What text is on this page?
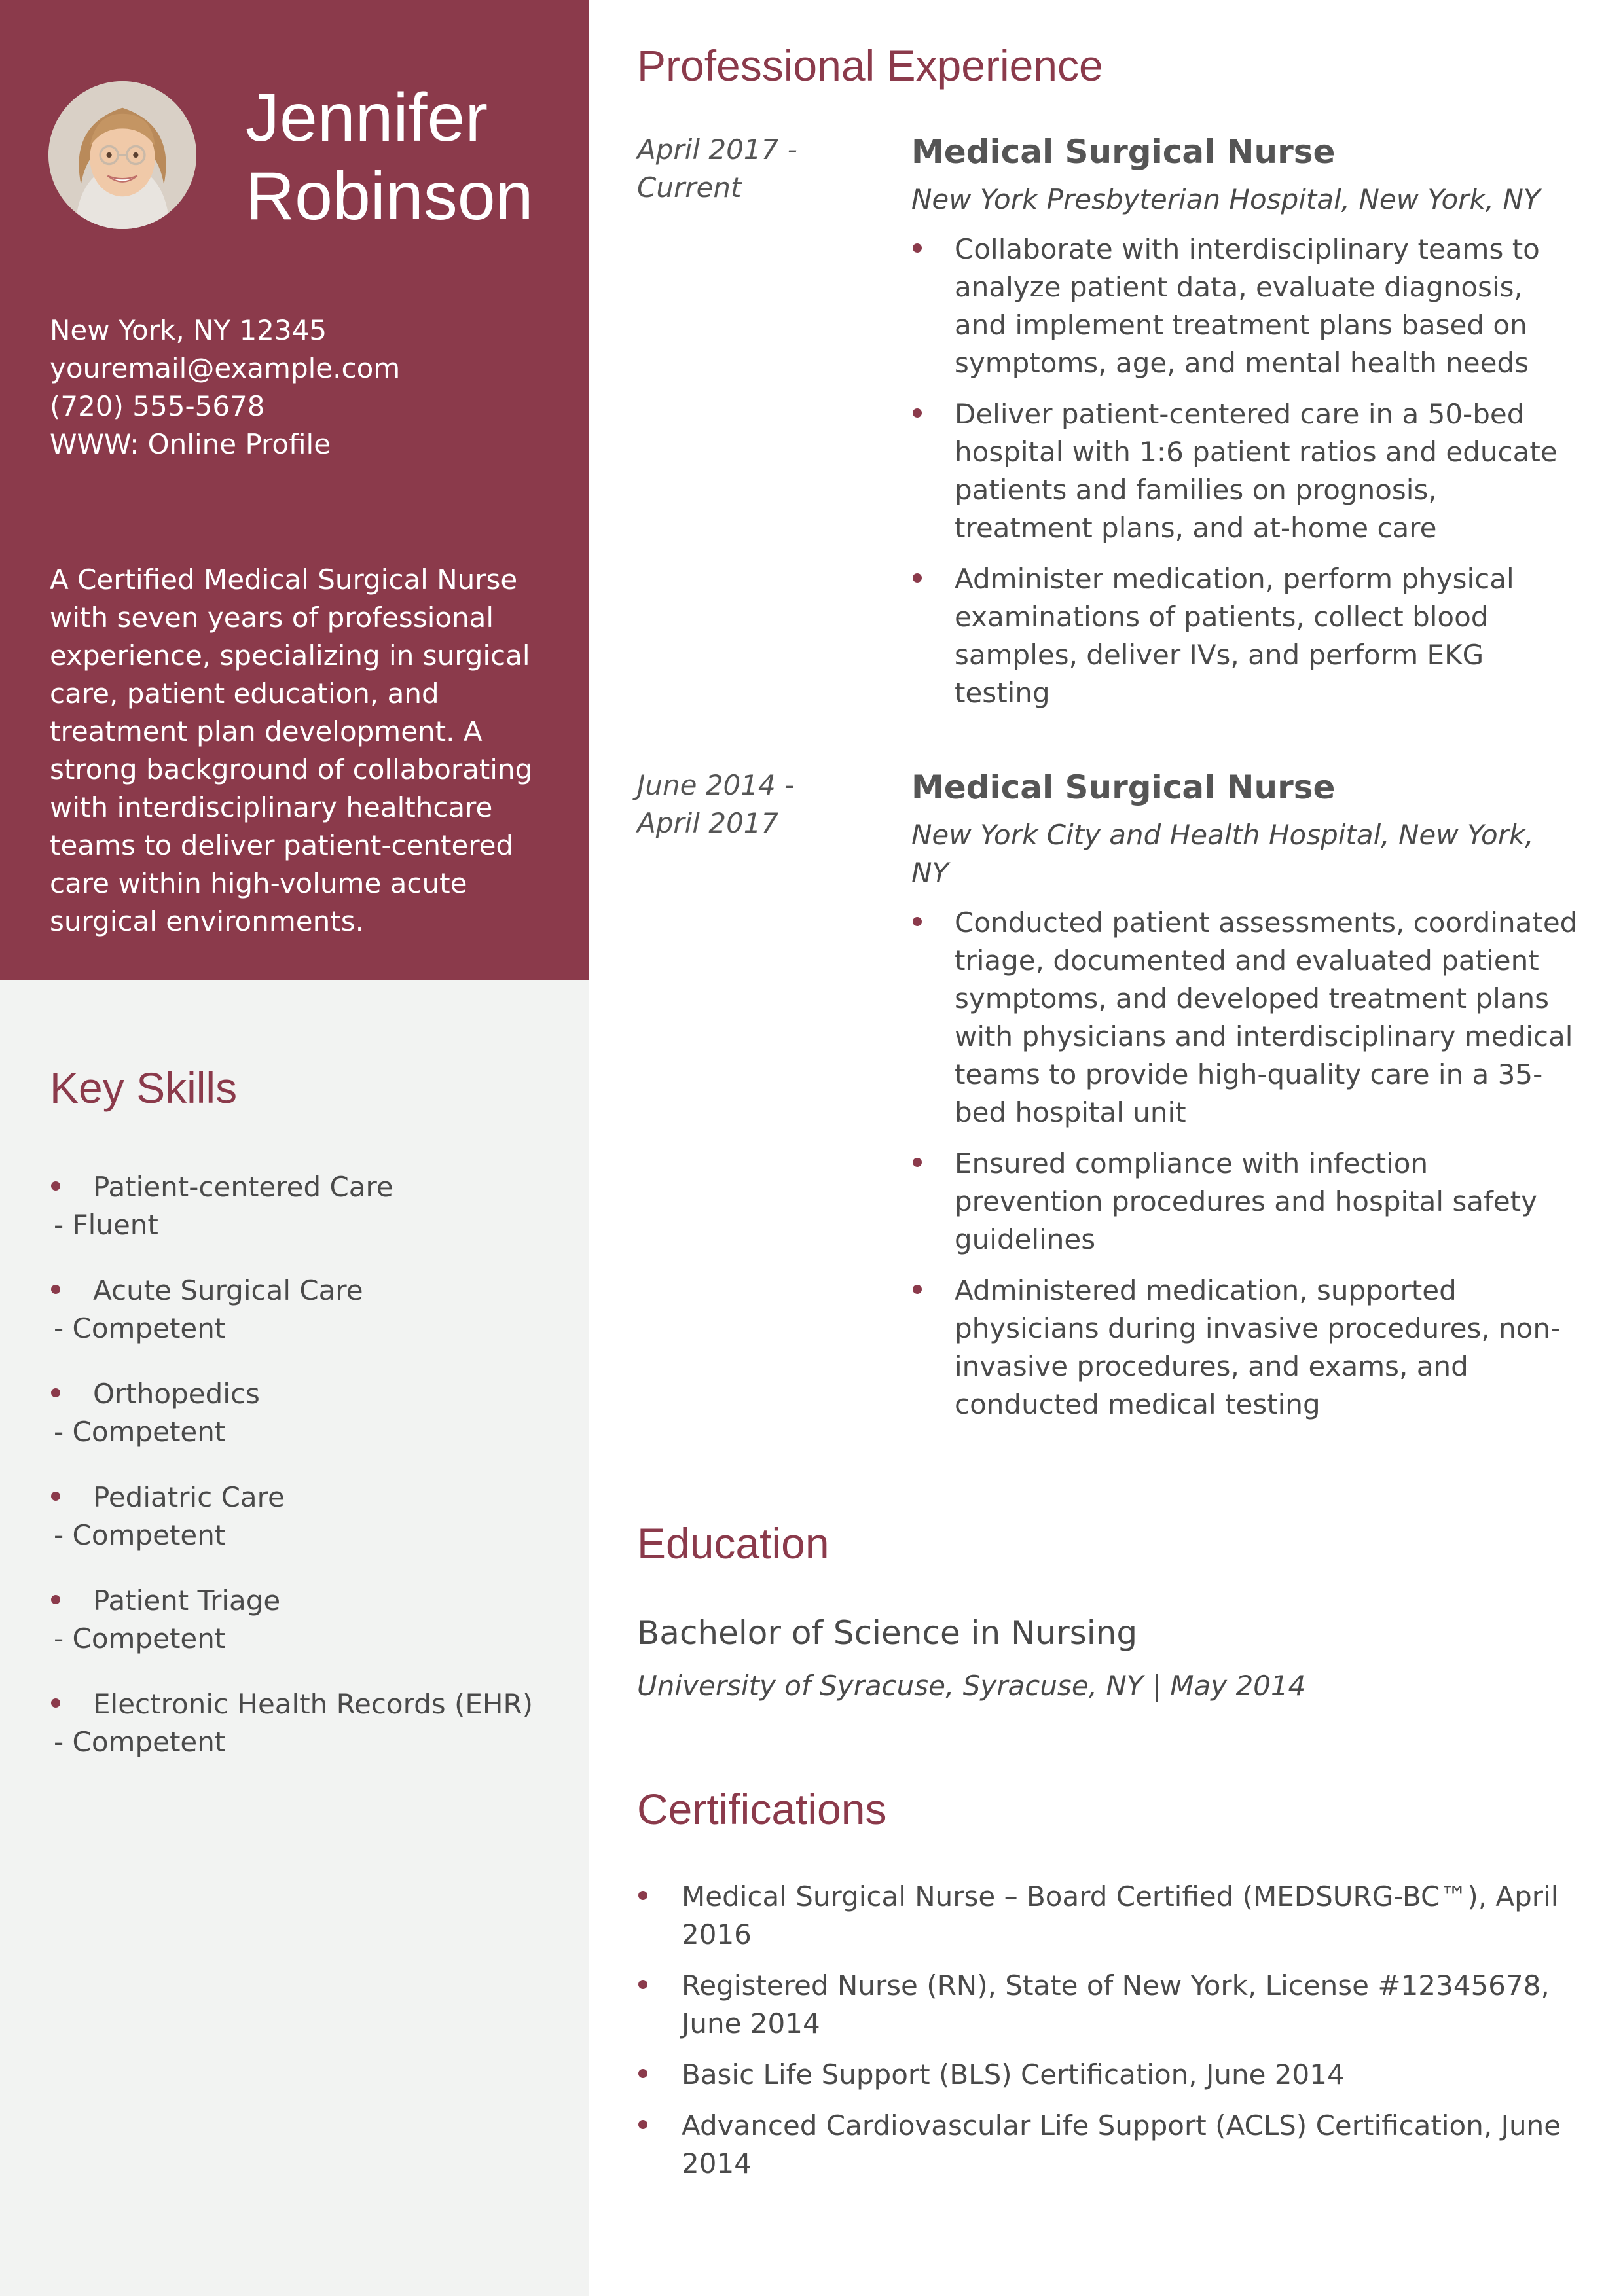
Jennifer
Robinson
New York, NY 12345
youremail@example.com
(720) 555-5678
WWW: Online Profile

A Certified Medical Surgical Nurse with seven years of professional experience, specializing in surgical care, patient education, and treatment plan development. A strong background of collaborating with interdisciplinary healthcare teams to deliver patient-centered care within high-volume acute surgical environments.

Key Skills
Patient-centered Care
- Fluent
Acute Surgical Care
- Competent
Orthopedics
- Competent
Pediatric Care
- Competent
Patient Triage
- Competent
Electronic Health Records (EHR)
- Competent
Professional Experience
April 2017 -
Current
Medical Surgical Nurse
New York Presbyterian Hospital, New York, NY
Collaborate with interdisciplinary teams to analyze patient data, evaluate diagnosis, and implement treatment plans based on symptoms, age, and mental health needs
Deliver patient-centered care in a 50-bed hospital with 1:6 patient ratios and educate patients and families on prognosis, treatment plans, and at-home care
Administer medication, perform physical examinations of patients, collect blood samples, deliver IVs, and perform EKG testing
June 2014 -
April 2017
Medical Surgical Nurse
New York City and Health Hospital, New York, NY
Conducted patient assessments, coordinated triage, documented and evaluated patient symptoms, and developed treatment plans with physicians and interdisciplinary medical teams to provide high-quality care in a 35-bed hospital unit
Ensured compliance with infection prevention procedures and hospital safety guidelines
Administered medication, supported physicians during invasive procedures, non-invasive procedures, and exams, and conducted medical testing
Education
Bachelor of Science in Nursing
University of Syracuse, Syracuse, NY | May 2014
Certifications
Medical Surgical Nurse – Board Certified (MEDSURG-BC™), April 2016
Registered Nurse (RN), State of New York, License #12345678, June 2014
Basic Life Support (BLS) Certification, June 2014
Advanced Cardiovascular Life Support (ACLS) Certification, June 2014
